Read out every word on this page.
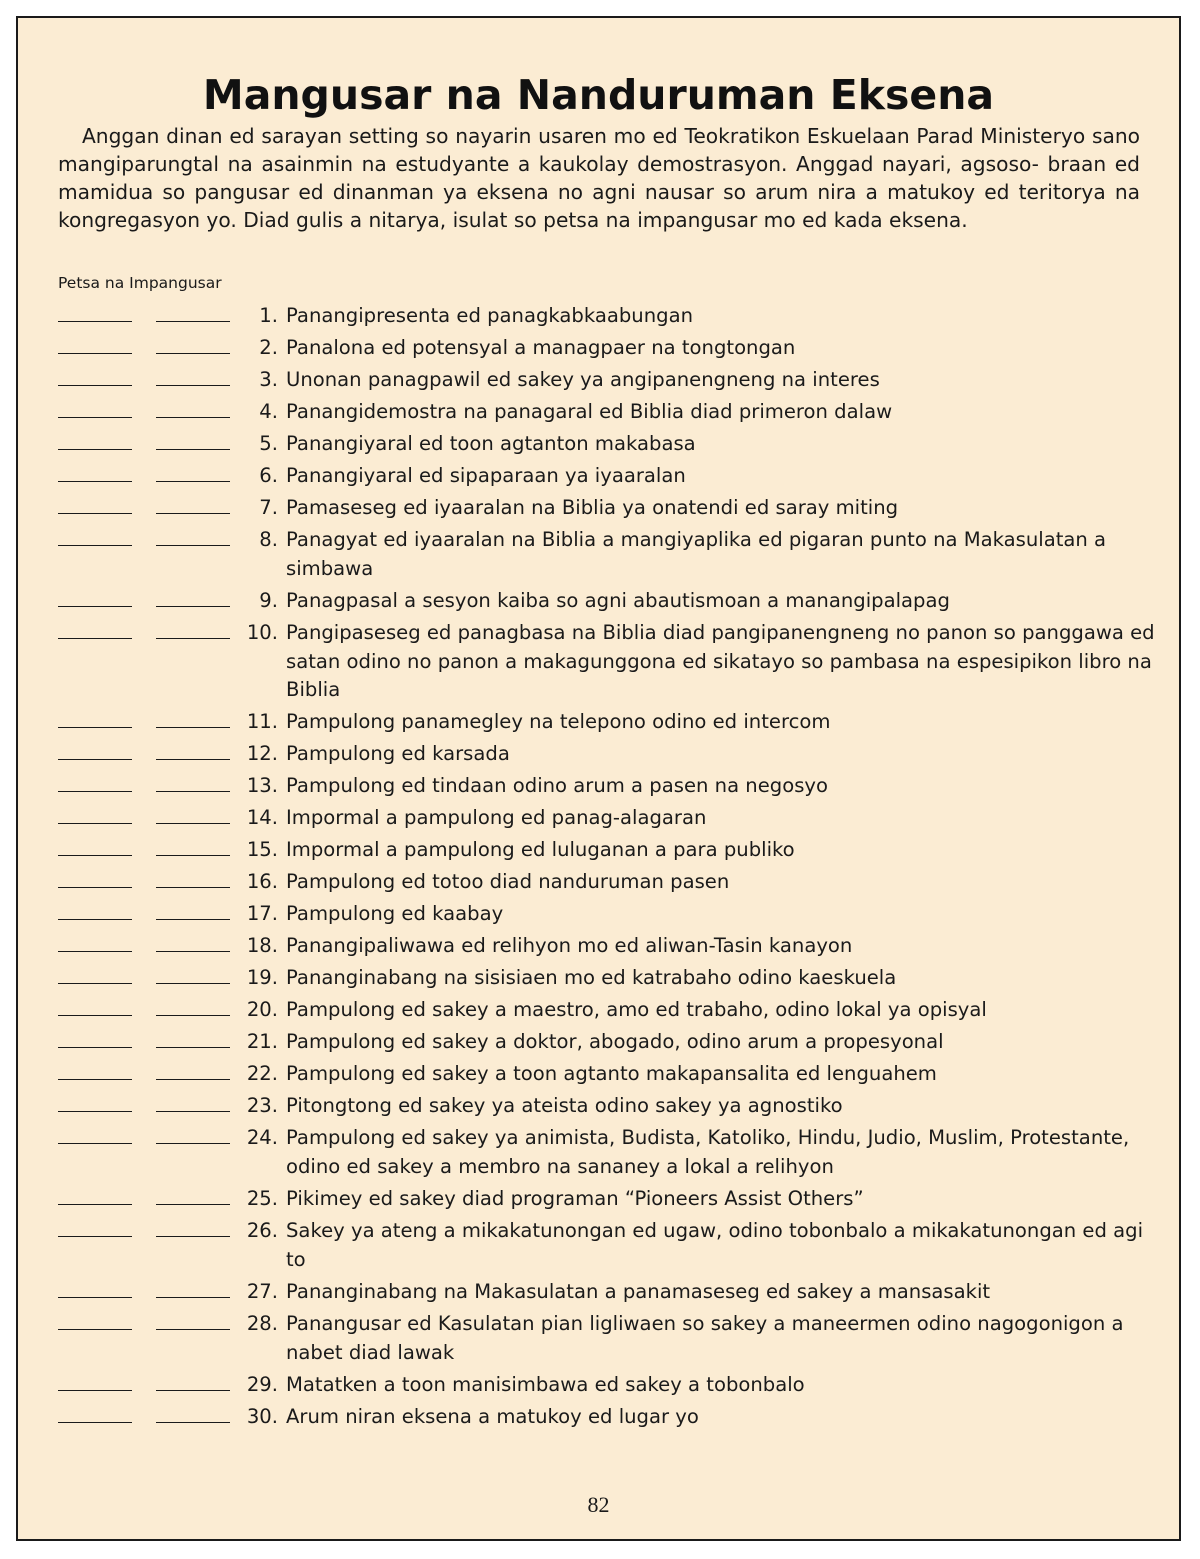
Mangusar na Nanduruman Eksena

Anggan dinan ed sarayan setting so nayarin usaren mo ed Teokratikon Eskuelaan Parad Ministeryo sano mangiparungtal na asainmin na estudyante a kaukolay demostrasyon. Anggad nayari, agsoso- braan ed mamidua so pangusar ed dinanman ya eksena no agni nausar so arum nira a matukoy ed teritorya na kongregasyon yo. Diad gulis a nitarya, isulat so petsa na impangusar mo ed kada eksena.

Petsa na Impangusar
1. Panangipresenta ed panagkabkaabungan
2. Panalona ed potensyal a managpaer na tongtongan
3. Unonan panagpawil ed sakey ya angipanengneng na interes
4. Panangidemostra na panagaral ed Biblia diad primeron dalaw
5. Panangiyaral ed toon agtanton makabasa
6. Panangiyaral ed sipaparaan ya iyaaralan
7. Pamaseseg ed iyaaralan na Biblia ya onatendi ed saray miting
8. Panagyat ed iyaaralan na Biblia a mangiyaplika ed pigaran punto na Makasulatan a simbawa
9. Panagpasal a sesyon kaiba so agni abautismoan a manangipalapag
10. Pangipaseseg ed panagbasa na Biblia diad pangipanengneng no panon so panggawa ed satan odino no panon a makagunggona ed sikatayo so pambasa na espesipikon libro na Biblia
11. Pampulong panamegley na telepono odino ed intercom
12. Pampulong ed karsada
13. Pampulong ed tindaan odino arum a pasen na negosyo
14. Impormal a pampulong ed panag-alagaran
15. Impormal a pampulong ed luluganan a para publiko
16. Pampulong ed totoo diad nanduruman pasen
17. Pampulong ed kaabay
18. Panangipaliwawa ed relihyon mo ed aliwan-Tasin kanayon
19. Pananginabang na sisisiaen mo ed katrabaho odino kaeskuela
20. Pampulong ed sakey a maestro, amo ed trabaho, odino lokal ya opisyal
21. Pampulong ed sakey a doktor, abogado, odino arum a propesyonal
22. Pampulong ed sakey a toon agtanto makapansalita ed lenguahem
23. Pitongtong ed sakey ya ateista odino sakey ya agnostiko
24. Pampulong ed sakey ya animista, Budista, Katoliko, Hindu, Judio, Muslim, Protestante, odino ed sakey a membro na sananey a lokal a relihyon
25. Pikimey ed sakey diad programan “Pioneers Assist Others”
26. Sakey ya ateng a mikakatunongan ed ugaw, odino tobonbalo a mikakatunongan ed agi to
27. Pananginabang na Makasulatan a panamaseseg ed sakey a mansasakit
28. Panangusar ed Kasulatan pian ligliwaen so sakey a maneermen odino nagogonigon a nabet diad lawak
29. Matatken a toon manisimbawa ed sakey a tobonbalo
30. Arum niran eksena a matukoy ed lugar yo
82
